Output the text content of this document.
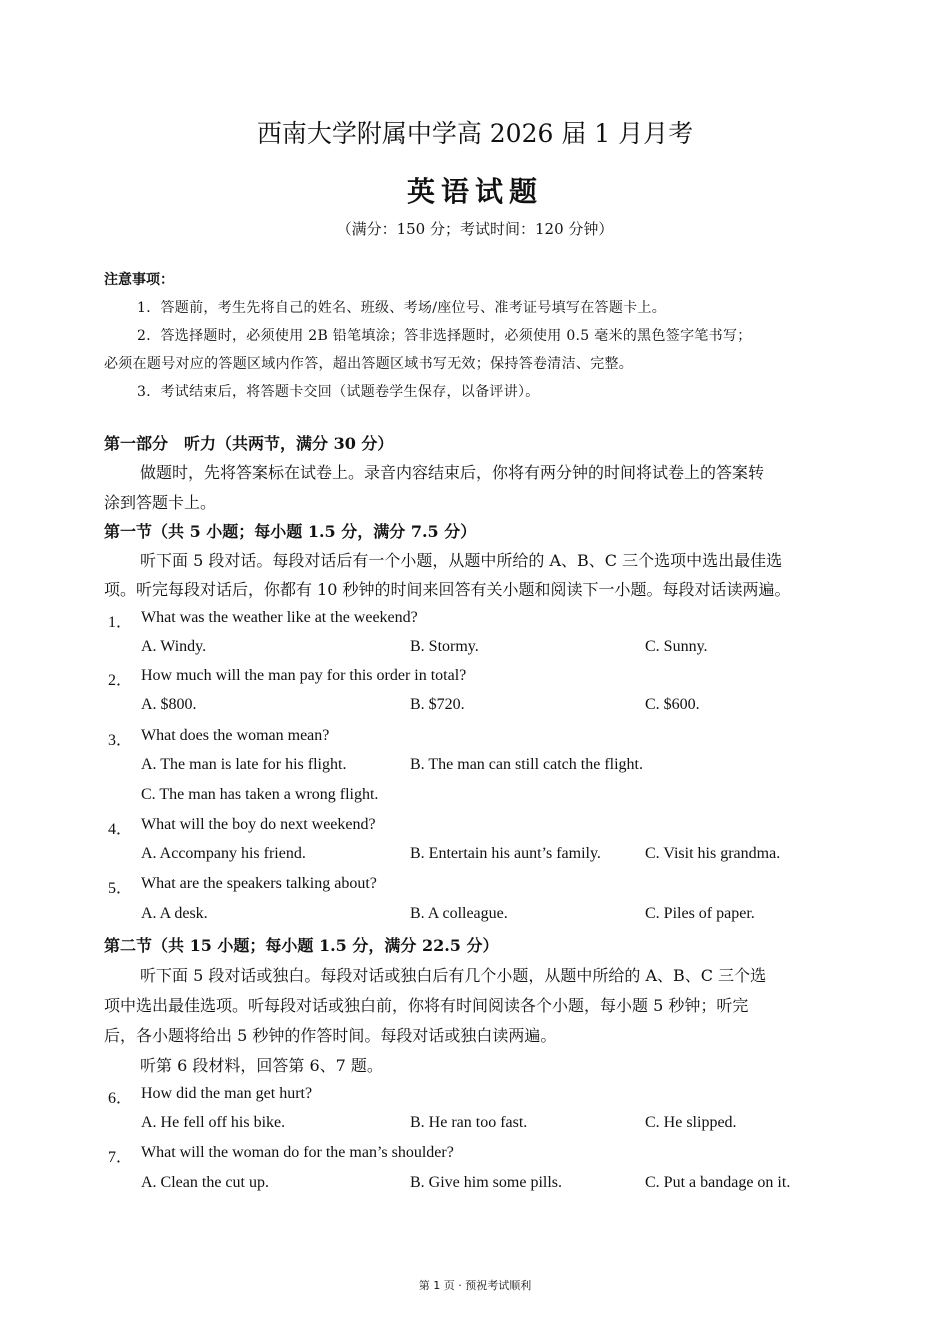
西南大学附属中学高 2026 届 1 月月考
英语试题
（满分：150 分；考试时间：120 分钟）
注意事项：
1．答题前，考生先将自己的姓名、班级、考场/座位号、准考证号填写在答题卡上。
2．答选择题时，必须使用 2B 铅笔填涂；答非选择题时，必须使用 0.5 毫米的黑色签字笔书写；
必须在题号对应的答题区域内作答，超出答题区域书写无效；保持答卷清洁、完整。
3．考试结束后，将答题卡交回（试题卷学生保存，以备评讲）。
第一部分　听力（共两节，满分 30 分）
做题时，先将答案标在试卷上。录音内容结束后，你将有两分钟的时间将试卷上的答案转
涂到答题卡上。
第一节（共 5 小题；每小题 1.5 分，满分 7.5 分）
听下面 5 段对话。每段对话后有一个小题，从题中所给的 A、B、C 三个选项中选出最佳选
项。听完每段对话后，你都有 10 秒钟的时间来回答有关小题和阅读下一小题。每段对话读两遍。
1． What was the weather like at the weekend?
A. Windy.	B. Stormy.	C. Sunny.
2． How much will the man pay for this order in total?
A. $800.	B. $720.	C. $600.
3． What does the woman mean?
A. The man is late for his flight.	B. The man can still catch the flight.
C. The man has taken a wrong flight.
4． What will the boy do next weekend?
A. Accompany his friend.	B. Entertain his aunt’s family.	C. Visit his grandma.
5． What are the speakers talking about?
A. A desk.	B. A colleague.	C. Piles of paper.
第二节（共 15 小题；每小题 1.5 分，满分 22.5 分）
听下面 5 段对话或独白。每段对话或独白后有几个小题，从题中所给的 A、B、C 三个选
项中选出最佳选项。听每段对话或独白前，你将有时间阅读各个小题，每小题 5 秒钟；听完
后，各小题将给出 5 秒钟的作答时间。每段对话或独白读两遍。
听第 6 段材料，回答第 6、7 题。
6． How did the man get hurt?
A. He fell off his bike.	B. He ran too fast.	C. He slipped.
7． What will the woman do for the man’s shoulder?
A. Clean the cut up.	B. Give him some pills.	C. Put a bandage on it.
第 1 页 · 预祝考试顺利
